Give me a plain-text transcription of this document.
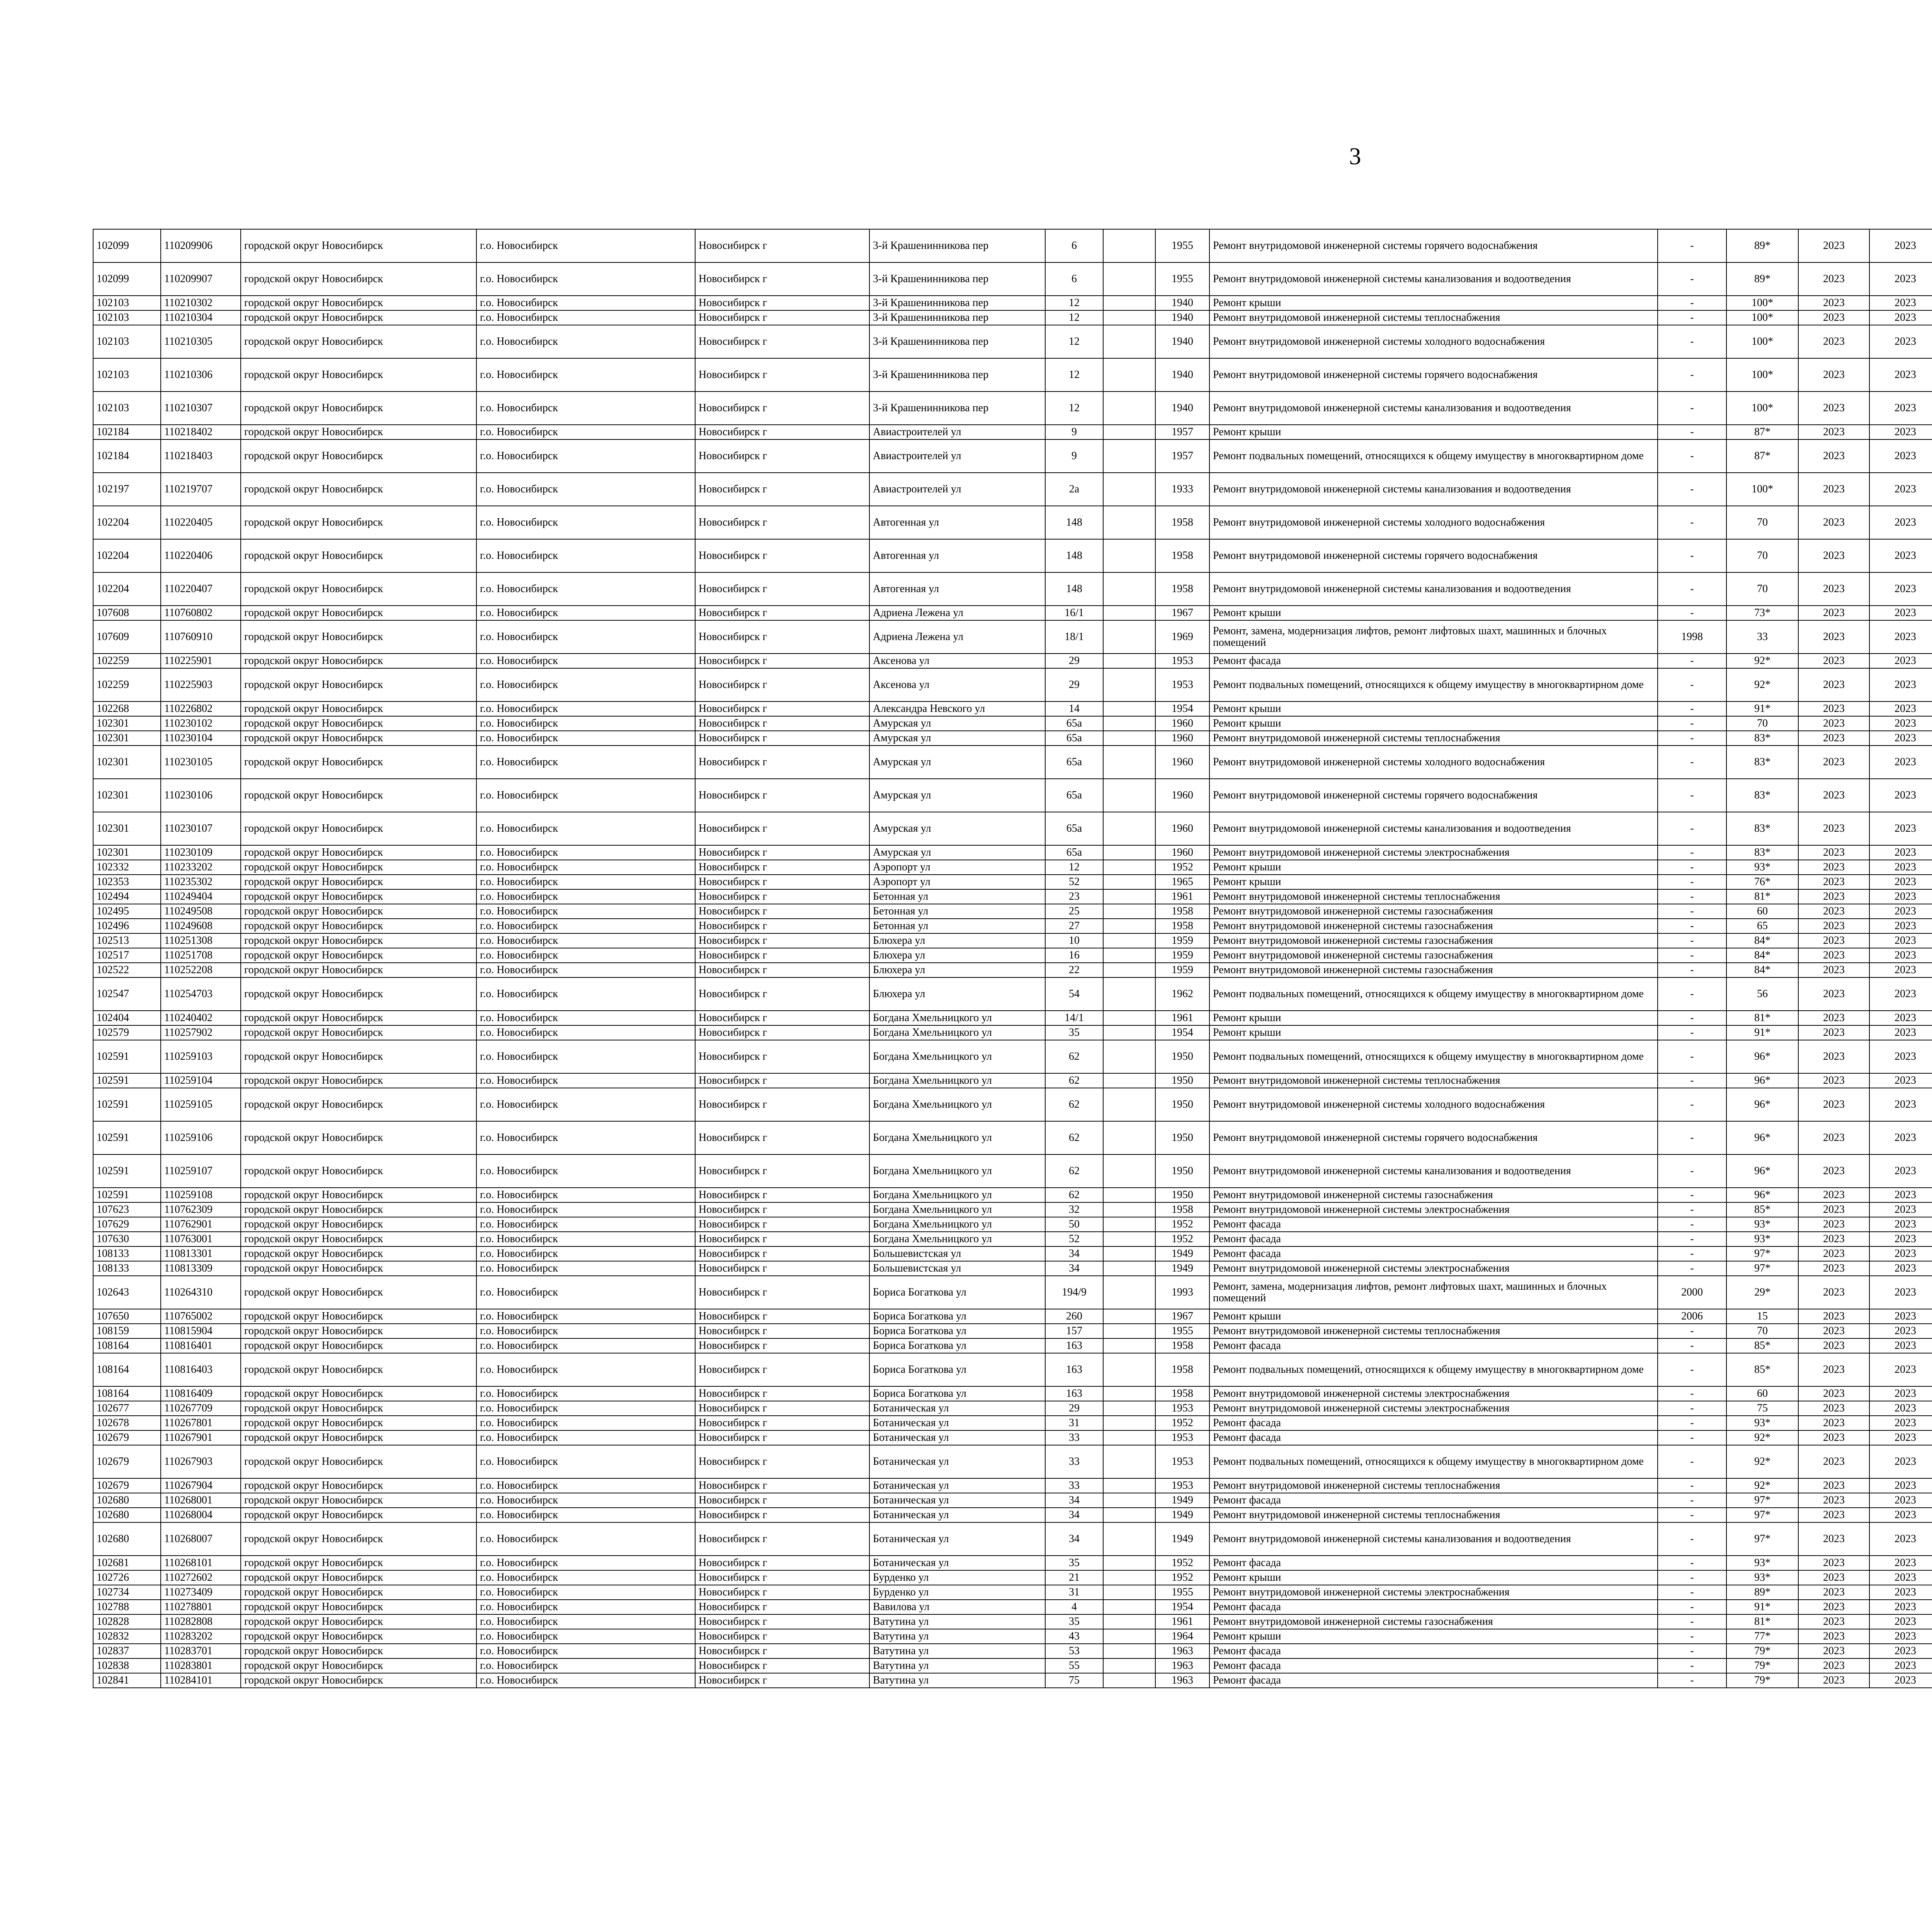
3
102099	110209906	городской округ Новосибирск	г.о. Новосибирск	Новосибирск г	3-й Крашенинникова пер	6		1955	Ремонт внутридомовой инженерной системы горячего водоснабжения	-	89*	2023	2023					
102099	110209907	городской округ Новосибирск	г.о. Новосибирск	Новосибирск г	3-й Крашенинникова пер	6		1955	Ремонт внутридомовой инженерной системы канализования и водоотведения	-	89*	2023	2023					
102103	110210302	городской округ Новосибирск	г.о. Новосибирск	Новосибирск г	3-й Крашенинникова пер	12		1940	Ремонт крыши	-	100*	2023	2023					
102103	110210304	городской округ Новосибирск	г.о. Новосибирск	Новосибирск г	3-й Крашенинникова пер	12		1940	Ремонт внутридомовой инженерной системы теплоснабжения	-	100*	2023	2023					
102103	110210305	городской округ Новосибирск	г.о. Новосибирск	Новосибирск г	3-й Крашенинникова пер	12		1940	Ремонт внутридомовой инженерной системы холодного водоснабжения	-	100*	2023	2023					
102103	110210306	городской округ Новосибирск	г.о. Новосибирск	Новосибирск г	3-й Крашенинникова пер	12		1940	Ремонт внутридомовой инженерной системы горячего водоснабжения	-	100*	2023	2023					
102103	110210307	городской округ Новосибирск	г.о. Новосибирск	Новосибирск г	3-й Крашенинникова пер	12		1940	Ремонт внутридомовой инженерной системы канализования и водоотведения	-	100*	2023	2023					
102184	110218402	городской округ Новосибирск	г.о. Новосибирск	Новосибирск г	Авиастроителей ул	9		1957	Ремонт крыши	-	87*	2023	2023					
102184	110218403	городской округ Новосибирск	г.о. Новосибирск	Новосибирск г	Авиастроителей ул	9		1957	Ремонт подвальных помещений, относящихся к общему имуществу в многоквартирном доме	-	87*	2023	2023					
102197	110219707	городской округ Новосибирск	г.о. Новосибирск	Новосибирск г	Авиастроителей ул	2а		1933	Ремонт внутридомовой инженерной системы канализования и водоотведения	-	100*	2023	2023					
102204	110220405	городской округ Новосибирск	г.о. Новосибирск	Новосибирск г	Автогенная ул	148		1958	Ремонт внутридомовой инженерной системы холодного водоснабжения	-	70	2023	2023					
102204	110220406	городской округ Новосибирск	г.о. Новосибирск	Новосибирск г	Автогенная ул	148		1958	Ремонт внутридомовой инженерной системы горячего водоснабжения	-	70	2023	2023					
102204	110220407	городской округ Новосибирск	г.о. Новосибирск	Новосибирск г	Автогенная ул	148		1958	Ремонт внутридомовой инженерной системы канализования и водоотведения	-	70	2023	2023					
107608	110760802	городской округ Новосибирск	г.о. Новосибирск	Новосибирск г	Адриена Лежена ул	16/1		1967	Ремонт крыши	-	73*	2023	2023					
107609	110760910	городской округ Новосибирск	г.о. Новосибирск	Новосибирск г	Адриена Лежена ул	18/1		1969	Ремонт, замена, модернизация лифтов, ремонт лифтовых шахт, машинных и блочных помещений	1998	33	2023	2023					
102259	110225901	городской округ Новосибирск	г.о. Новосибирск	Новосибирск г	Аксенова ул	29		1953	Ремонт фасада	-	92*	2023	2023					
102259	110225903	городской округ Новосибирск	г.о. Новосибирск	Новосибирск г	Аксенова ул	29		1953	Ремонт подвальных помещений, относящихся к общему имуществу в многоквартирном доме	-	92*	2023	2023					
102268	110226802	городской округ Новосибирск	г.о. Новосибирск	Новосибирск г	Александра Невского ул	14		1954	Ремонт крыши	-	91*	2023	2023					
102301	110230102	городской округ Новосибирск	г.о. Новосибирск	Новосибирск г	Амурская ул	65а		1960	Ремонт крыши	-	70	2023	2023					
102301	110230104	городской округ Новосибирск	г.о. Новосибирск	Новосибирск г	Амурская ул	65а		1960	Ремонт внутридомовой инженерной системы теплоснабжения	-	83*	2023	2023					
102301	110230105	городской округ Новосибирск	г.о. Новосибирск	Новосибирск г	Амурская ул	65а		1960	Ремонт внутридомовой инженерной системы холодного водоснабжения	-	83*	2023	2023					
102301	110230106	городской округ Новосибирск	г.о. Новосибирск	Новосибирск г	Амурская ул	65а		1960	Ремонт внутридомовой инженерной системы горячего водоснабжения	-	83*	2023	2023					
102301	110230107	городской округ Новосибирск	г.о. Новосибирск	Новосибирск г	Амурская ул	65а		1960	Ремонт внутридомовой инженерной системы канализования и водоотведения	-	83*	2023	2023					
102301	110230109	городской округ Новосибирск	г.о. Новосибирск	Новосибирск г	Амурская ул	65а		1960	Ремонт внутридомовой инженерной системы электроснабжения	-	83*	2023	2023					
102332	110233202	городской округ Новосибирск	г.о. Новосибирск	Новосибирск г	Аэропорт ул	12		1952	Ремонт крыши	-	93*	2023	2023					
102353	110235302	городской округ Новосибирск	г.о. Новосибирск	Новосибирск г	Аэропорт ул	52		1965	Ремонт крыши	-	76*	2023	2023					
102494	110249404	городской округ Новосибирск	г.о. Новосибирск	Новосибирск г	Бетонная ул	23		1961	Ремонт внутридомовой инженерной системы теплоснабжения	-	81*	2023	2023					
102495	110249508	городской округ Новосибирск	г.о. Новосибирск	Новосибирск г	Бетонная ул	25		1958	Ремонт внутридомовой инженерной системы газоснабжения	-	60	2023	2023					
102496	110249608	городской округ Новосибирск	г.о. Новосибирск	Новосибирск г	Бетонная ул	27		1958	Ремонт внутридомовой инженерной системы газоснабжения	-	65	2023	2023					
102513	110251308	городской округ Новосибирск	г.о. Новосибирск	Новосибирск г	Блюхера ул	10		1959	Ремонт внутридомовой инженерной системы газоснабжения	-	84*	2023	2023					
102517	110251708	городской округ Новосибирск	г.о. Новосибирск	Новосибирск г	Блюхера ул	16		1959	Ремонт внутридомовой инженерной системы газоснабжения	-	84*	2023	2023					
102522	110252208	городской округ Новосибирск	г.о. Новосибирск	Новосибирск г	Блюхера ул	22		1959	Ремонт внутридомовой инженерной системы газоснабжения	-	84*	2023	2023					
102547	110254703	городской округ Новосибирск	г.о. Новосибирск	Новосибирск г	Блюхера ул	54		1962	Ремонт подвальных помещений, относящихся к общему имуществу в многоквартирном доме	-	56	2023	2023					
102404	110240402	городской округ Новосибирск	г.о. Новосибирск	Новосибирск г	Богдана Хмельницкого ул	14/1		1961	Ремонт крыши	-	81*	2023	2023					
102579	110257902	городской округ Новосибирск	г.о. Новосибирск	Новосибирск г	Богдана Хмельницкого ул	35		1954	Ремонт крыши	-	91*	2023	2023					
102591	110259103	городской округ Новосибирск	г.о. Новосибирск	Новосибирск г	Богдана Хмельницкого ул	62		1950	Ремонт подвальных помещений, относящихся к общему имуществу в многоквартирном доме	-	96*	2023	2023					
102591	110259104	городской округ Новосибирск	г.о. Новосибирск	Новосибирск г	Богдана Хмельницкого ул	62		1950	Ремонт внутридомовой инженерной системы теплоснабжения	-	96*	2023	2023					
102591	110259105	городской округ Новосибирск	г.о. Новосибирск	Новосибирск г	Богдана Хмельницкого ул	62		1950	Ремонт внутридомовой инженерной системы холодного водоснабжения	-	96*	2023	2023					
102591	110259106	городской округ Новосибирск	г.о. Новосибирск	Новосибирск г	Богдана Хмельницкого ул	62		1950	Ремонт внутридомовой инженерной системы горячего водоснабжения	-	96*	2023	2023					
102591	110259107	городской округ Новосибирск	г.о. Новосибирск	Новосибирск г	Богдана Хмельницкого ул	62		1950	Ремонт внутридомовой инженерной системы канализования и водоотведения	-	96*	2023	2023					
102591	110259108	городской округ Новосибирск	г.о. Новосибирск	Новосибирск г	Богдана Хмельницкого ул	62		1950	Ремонт внутридомовой инженерной системы газоснабжения	-	96*	2023	2023					
107623	110762309	городской округ Новосибирск	г.о. Новосибирск	Новосибирск г	Богдана Хмельницкого ул	32		1958	Ремонт внутридомовой инженерной системы электроснабжения	-	85*	2023	2023					
107629	110762901	городской округ Новосибирск	г.о. Новосибирск	Новосибирск г	Богдана Хмельницкого ул	50		1952	Ремонт фасада	-	93*	2023	2023					
107630	110763001	городской округ Новосибирск	г.о. Новосибирск	Новосибирск г	Богдана Хмельницкого ул	52		1952	Ремонт фасада	-	93*	2023	2023					
108133	110813301	городской округ Новосибирск	г.о. Новосибирск	Новосибирск г	Большевистская ул	34		1949	Ремонт фасада	-	97*	2023	2023					
108133	110813309	городской округ Новосибирск	г.о. Новосибирск	Новосибирск г	Большевистская ул	34		1949	Ремонт внутридомовой инженерной системы электроснабжения	-	97*	2023	2023					
102643	110264310	городской округ Новосибирск	г.о. Новосибирск	Новосибирск г	Бориса Богаткова ул	194/9		1993	Ремонт, замена, модернизация лифтов, ремонт лифтовых шахт, машинных и блочных помещений	2000	29*	2023	2023					
107650	110765002	городской округ Новосибирск	г.о. Новосибирск	Новосибирск г	Бориса Богаткова ул	260		1967	Ремонт крыши	2006	15	2023	2023					
108159	110815904	городской округ Новосибирск	г.о. Новосибирск	Новосибирск г	Бориса Богаткова ул	157		1955	Ремонт внутридомовой инженерной системы теплоснабжения	-	70	2023	2023					
108164	110816401	городской округ Новосибирск	г.о. Новосибирск	Новосибирск г	Бориса Богаткова ул	163		1958	Ремонт фасада	-	85*	2023	2023					
108164	110816403	городской округ Новосибирск	г.о. Новосибирск	Новосибирск г	Бориса Богаткова ул	163		1958	Ремонт подвальных помещений, относящихся к общему имуществу в многоквартирном доме	-	85*	2023	2023					
108164	110816409	городской округ Новосибирск	г.о. Новосибирск	Новосибирск г	Бориса Богаткова ул	163		1958	Ремонт внутридомовой инженерной системы электроснабжения	-	60	2023	2023					
102677	110267709	городской округ Новосибирск	г.о. Новосибирск	Новосибирск г	Ботаническая ул	29		1953	Ремонт внутридомовой инженерной системы электроснабжения	-	75	2023	2023					
102678	110267801	городской округ Новосибирск	г.о. Новосибирск	Новосибирск г	Ботаническая ул	31		1952	Ремонт фасада	-	93*	2023	2023					
102679	110267901	городской округ Новосибирск	г.о. Новосибирск	Новосибирск г	Ботаническая ул	33		1953	Ремонт фасада	-	92*	2023	2023					
102679	110267903	городской округ Новосибирск	г.о. Новосибирск	Новосибирск г	Ботаническая ул	33		1953	Ремонт подвальных помещений, относящихся к общему имуществу в многоквартирном доме	-	92*	2023	2023					
102679	110267904	городской округ Новосибирск	г.о. Новосибирск	Новосибирск г	Ботаническая ул	33		1953	Ремонт внутридомовой инженерной системы теплоснабжения	-	92*	2023	2023					
102680	110268001	городской округ Новосибирск	г.о. Новосибирск	Новосибирск г	Ботаническая ул	34		1949	Ремонт фасада	-	97*	2023	2023					
102680	110268004	городской округ Новосибирск	г.о. Новосибирск	Новосибирск г	Ботаническая ул	34		1949	Ремонт внутридомовой инженерной системы теплоснабжения	-	97*	2023	2023					
102680	110268007	городской округ Новосибирск	г.о. Новосибирск	Новосибирск г	Ботаническая ул	34		1949	Ремонт внутридомовой инженерной системы канализования и водоотведения	-	97*	2023	2023					
102681	110268101	городской округ Новосибирск	г.о. Новосибирск	Новосибирск г	Ботаническая ул	35		1952	Ремонт фасада	-	93*	2023	2023					
102726	110272602	городской округ Новосибирск	г.о. Новосибирск	Новосибирск г	Бурденко ул	21		1952	Ремонт крыши	-	93*	2023	2023					
102734	110273409	городской округ Новосибирск	г.о. Новосибирск	Новосибирск г	Бурденко ул	31		1955	Ремонт внутридомовой инженерной системы электроснабжения	-	89*	2023	2023					
102788	110278801	городской округ Новосибирск	г.о. Новосибирск	Новосибирск г	Вавилова ул	4		1954	Ремонт фасада	-	91*	2023	2023					
102828	110282808	городской округ Новосибирск	г.о. Новосибирск	Новосибирск г	Ватутина ул	35		1961	Ремонт внутридомовой инженерной системы газоснабжения	-	81*	2023	2023					
102832	110283202	городской округ Новосибирск	г.о. Новосибирск	Новосибирск г	Ватутина ул	43		1964	Ремонт крыши	-	77*	2023	2023					
102837	110283701	городской округ Новосибирск	г.о. Новосибирск	Новосибирск г	Ватутина ул	53		1963	Ремонт фасада	-	79*	2023	2023					
102838	110283801	городской округ Новосибирск	г.о. Новосибирск	Новосибирск г	Ватутина ул	55		1963	Ремонт фасада	-	79*	2023	2023					
102841	110284101	городской округ Новосибирск	г.о. Новосибирск	Новосибирск г	Ватутина ул	75		1963	Ремонт фасада	-	79*	2023	2023					
